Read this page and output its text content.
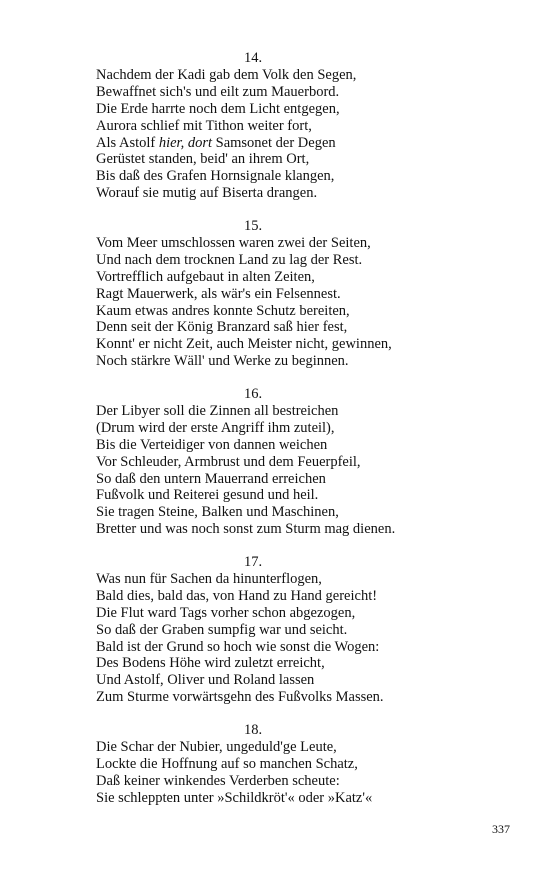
14.
Nachdem der Kadi gab dem Volk den Segen,
Bewaffnet sich's und eilt zum Mauerbord.
Die Erde harrte noch dem Licht entgegen,
Aurora schlief mit Tithon weiter fort,
Als Astolf hier, dort Samsonet der Degen
Gerüstet standen, beid' an ihrem Ort,
Bis daß des Grafen Hornsignale klangen,
Worauf sie mutig auf Biserta drangen.
15.
Vom Meer umschlossen waren zwei der Seiten,
Und nach dem trocknen Land zu lag der Rest.
Vortrefflich aufgebaut in alten Zeiten,
Ragt Mauerwerk, als wär's ein Felsennest.
Kaum etwas andres konnte Schutz bereiten,
Denn seit der König Branzard saß hier fest,
Konnt' er nicht Zeit, auch Meister nicht, gewinnen,
Noch stärkre Wäll' und Werke zu beginnen.
16.
Der Libyer soll die Zinnen all bestreichen
(Drum wird der erste Angriff ihm zuteil),
Bis die Verteidiger von dannen weichen
Vor Schleuder, Armbrust und dem Feuerpfeil,
So daß den untern Mauerrand erreichen
Fußvolk und Reiterei gesund und heil.
Sie tragen Steine, Balken und Maschinen,
Bretter und was noch sonst zum Sturm mag dienen.
17.
Was nun für Sachen da hinunterflogen,
Bald dies, bald das, von Hand zu Hand gereicht!
Die Flut ward Tags vorher schon abgezogen,
So daß der Graben sumpfig war und seicht.
Bald ist der Grund so hoch wie sonst die Wogen:
Des Bodens Höhe wird zuletzt erreicht,
Und Astolf, Oliver und Roland lassen
Zum Sturme vorwärtsgehn des Fußvolks Massen.
18.
Die Schar der Nubier, ungeduld'ge Leute,
Lockte die Hoffnung auf so manchen Schatz,
Daß keiner winkendes Verderben scheute:
Sie schleppten unter »Schildkröt'« oder »Katz'«
337
